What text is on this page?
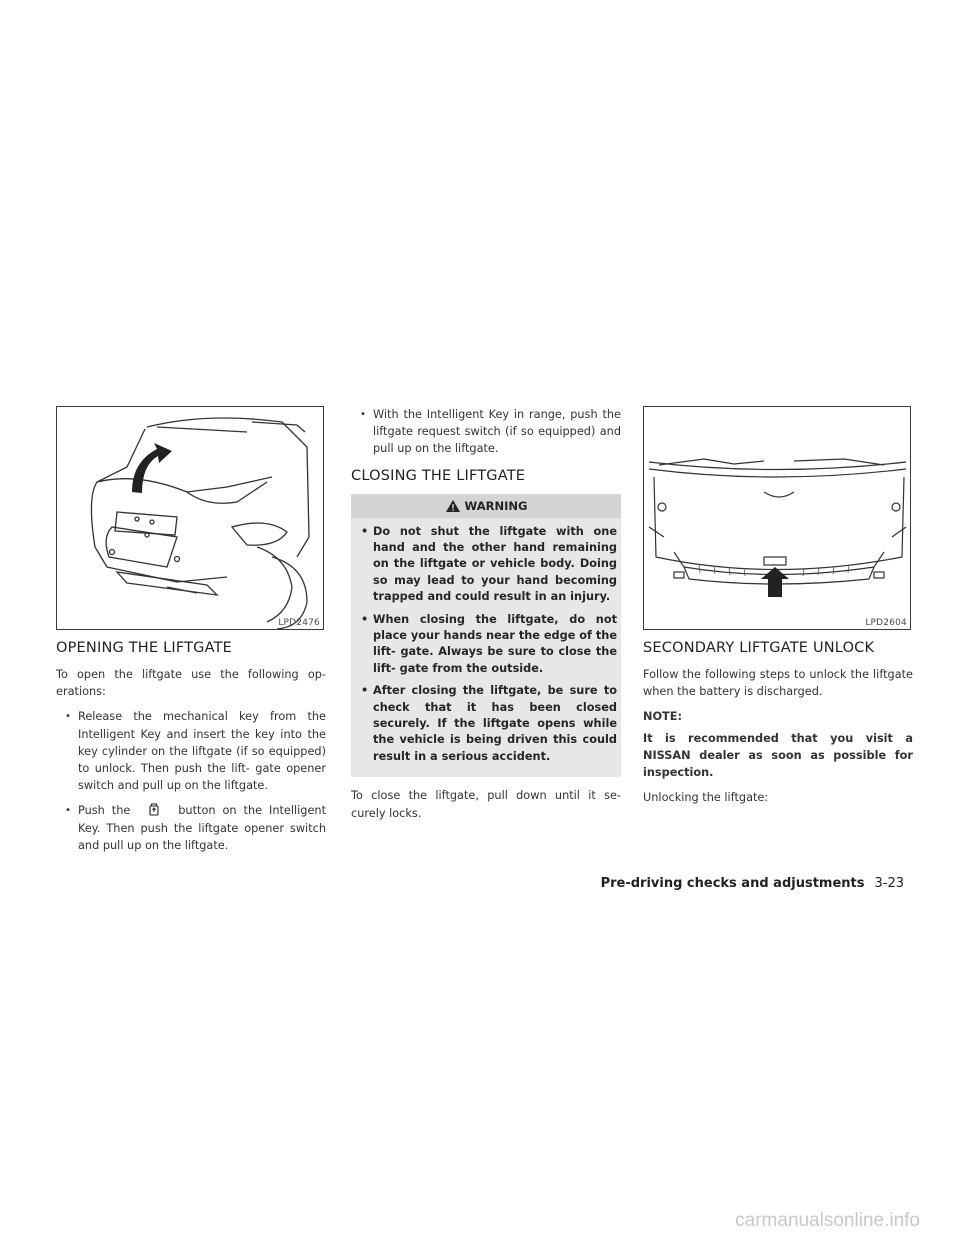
LPD2476
OPENING THE LIFTGATE

To open the liftgate use the following op- erations:

• Release the mechanical key from the Intelligent Key and insert the key into the key cylinder on the liftgate (if so equipped) to unlock. Then push the lift- gate opener switch and pull up on the liftgate.
• Push the	button on the Intelligent Key. Then push the liftgate opener switch and pull up on the liftgate.
• With the Intelligent Key in range, push the liftgate request switch (if so equipped) and pull up on the liftgate.
CLOSING THE LIFTGATE
WARNING
• Do not shut the liftgate with one hand and the other hand remaining on the liftgate or vehicle body. Doing so may lead to your hand becoming trapped and could result in an injury.
• When closing the liftgate, do not place your hands near the edge of the lift- gate. Always be sure to close the lift- gate from the outside.
• After closing the liftgate, be sure to check that it has been closed securely. If the liftgate opens while the vehicle is being driven this could result in a serious accident.

To close the liftgate, pull down until it se- curely locks.

LPD2604
SECONDARY LIFTGATE UNLOCK

Follow the following steps to unlock the liftgate when the battery is discharged.

NOTE:

It is recommended that you visit a NISSAN dealer as soon as possible for inspection.

Unlocking the liftgate:

Pre-driving checks and adjustments 3-23
carmanualsonline.info
